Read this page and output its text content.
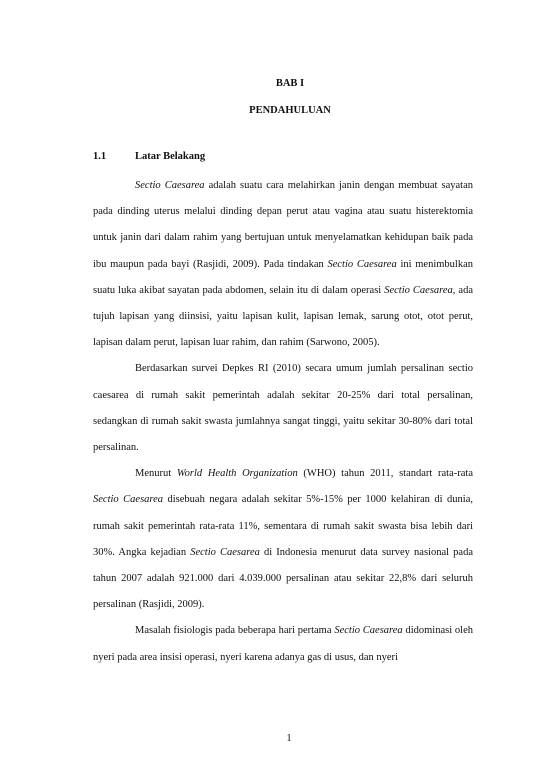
BAB I
PENDAHULUAN
1.1	Latar Belakang

Sectio Caesarea adalah suatu cara melahirkan janin dengan membuat sayatan pada dinding uterus melalui dinding depan perut atau vagina atau suatu histerektomia untuk janin dari dalam rahim yang bertujuan untuk menyelamatkan kehidupan baik pada ibu maupun pada bayi (Rasjidi, 2009). Pada tindakan Sectio Caesarea ini menimbulkan suatu luka akibat sayatan pada abdomen, selain itu di dalam operasi Sectio Caesarea, ada tujuh lapisan yang diinsisi, yaitu lapisan kulit, lapisan lemak, sarung otot, otot perut, lapisan dalam perut, lapisan luar rahim, dan rahim (Sarwono, 2005).

Berdasarkan survei Depkes RI (2010) secara umum jumlah persalinan sectio caesarea di rumah sakit pemerintah adalah sekitar 20-25% dari total persalinan, sedangkan di rumah sakit swasta jumlahnya sangat tinggi, yaitu sekitar 30-80% dari total persalinan.

Menurut World Health Organization (WHO) tahun 2011, standart rata-rata Sectio Caesarea disebuah negara adalah sekitar 5%-15% per 1000 kelahiran di dunia, rumah sakit pemerintah rata-rata 11%, sementara di rumah sakit swasta bisa lebih dari 30%. Angka kejadian Sectio Caesarea di Indonesia menurut data survey nasional pada tahun 2007 adalah 921.000 dari 4.039.000 persalinan atau sekitar 22,8% dari seluruh persalinan (Rasjidi, 2009).

Masalah fisiologis pada beberapa hari pertama Sectio Caesarea didominasi oleh nyeri pada area insisi operasi, nyeri karena adanya gas di usus, dan nyeri

1
